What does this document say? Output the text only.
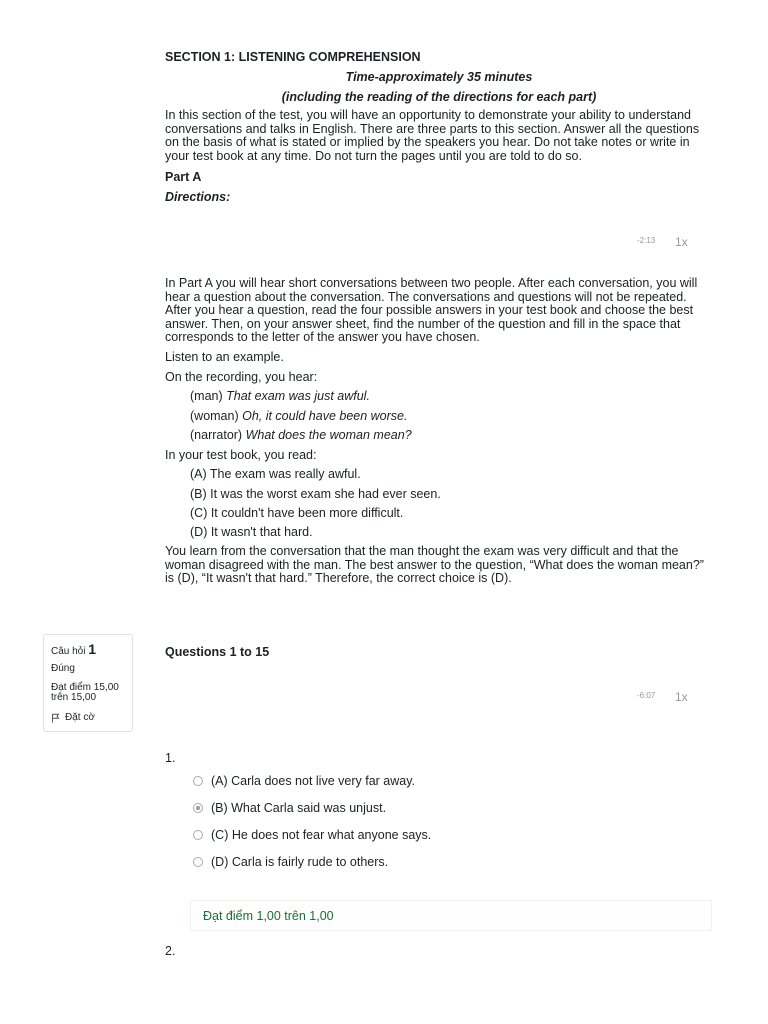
SECTION 1: LISTENING COMPREHENSION
Time-approximately 35 minutes
(including the reading of the directions for each part)

In this section of the test, you will have an opportunity to demonstrate your ability to understand conversations and talks in English. There are three parts to this section. Answer all the questions on the basis of what is stated or implied by the speakers you hear. Do not take notes or write in your test book at any time. Do not turn the pages until you are told to do so.

Part A
Directions:
-2:13 1x

In Part A you will hear short conversations between two people. After each conversation, you will hear a question about the conversation. The conversations and questions will not be repeated. After you hear a question, read the four possible answers in your test book and choose the best answer. Then, on your answer sheet, find the number of the question and fill in the space that corresponds to the letter of the answer you have chosen.

Listen to an example.
On the recording, you hear:
(man) That exam was just awful.
(woman) Oh, it could have been worse.
(narrator) What does the woman mean?
In your test book, you read:
(A) The exam was really awful.
(B) It was the worst exam she had ever seen.
(C) It couldn't have been more difficult.
(D) It wasn't that hard.

You learn from the conversation that the man thought the exam was very difficult and that the woman disagreed with the man. The best answer to the question, “What does the woman mean?” is (D), “It wasn't that hard.” Therefore, the correct choice is (D).

Câu hỏi 1
Đúng
Đạt điểm 15,00
trên 15,00
Đặt cờ
Questions 1 to 15
-6:07 1x
1.
(A) Carla does not live very far away.
(B) What Carla said was unjust.
(C) He does not fear what anyone says.
(D) Carla is fairly rude to others.
Đạt điểm 1,00 trên 1,00
2.
